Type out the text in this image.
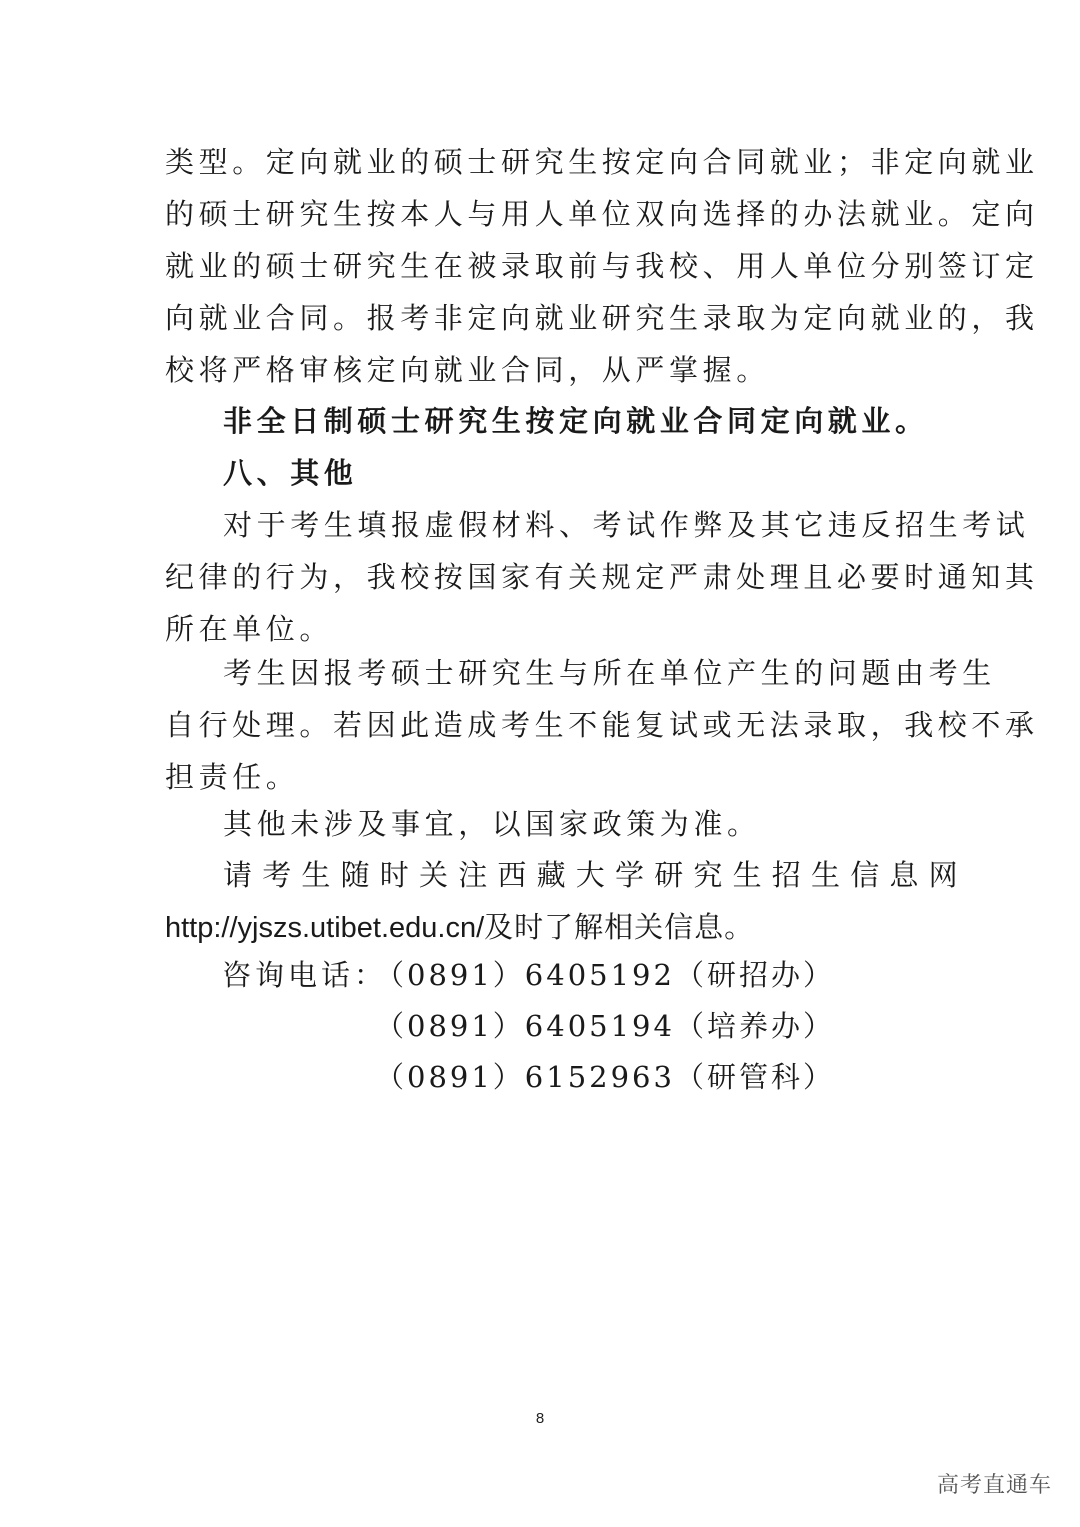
类型。定向就业的硕士研究生按定向合同就业；非定向就业
的硕士研究生按本人与用人单位双向选择的办法就业。定向
就业的硕士研究生在被录取前与我校、用人单位分别签订定
向就业合同。报考非定向就业研究生录取为定向就业的，我
校将严格审核定向就业合同，从严掌握。
非全日制硕士研究生按定向就业合同定向就业。
八、其他
对于考生填报虚假材料、考试作弊及其它违反招生考试
纪律的行为，我校按国家有关规定严肃处理且必要时通知其
所在单位。
考生因报考硕士研究生与所在单位产生的问题由考生
自行处理。若因此造成考生不能复试或无法录取，我校不承
担责任。
其他未涉及事宜，以国家政策为准。
请考生随时关注西藏大学研究生招生信息网
http://yjszs.utibet.edu.cn/及时了解相关信息。
咨询电话：
（0891）6405192（研招办）
（0891）6405194（培养办）
（0891）6152963（研管科）
8
高考直通车
